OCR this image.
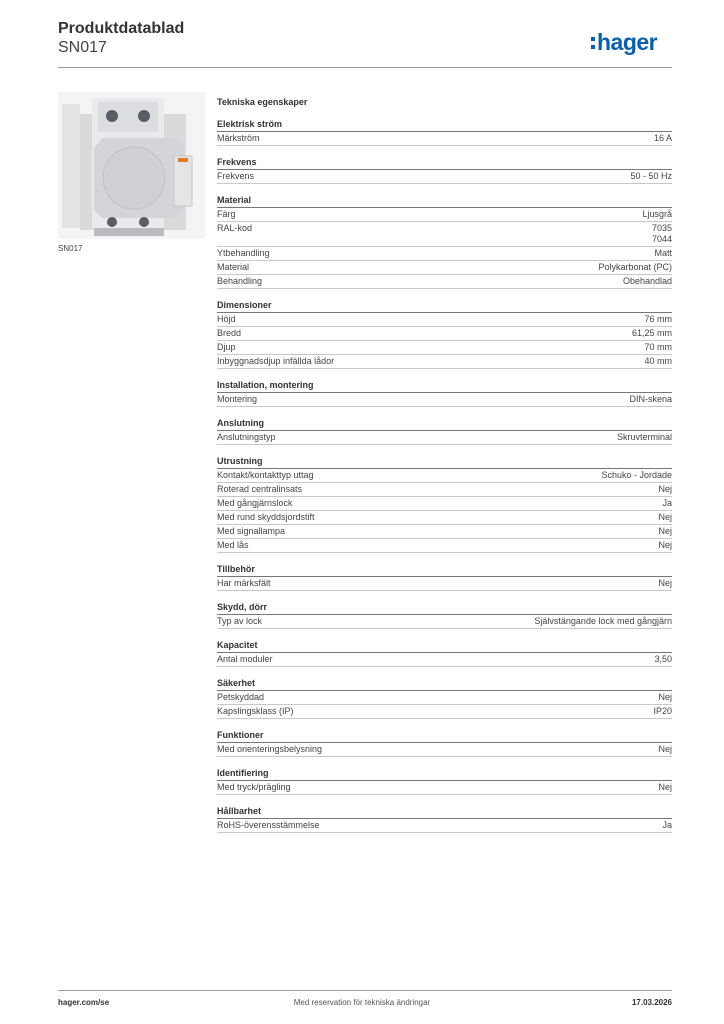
Produktdatablad
SN017	hager
SN017
Tekniska egenskaper
Elektrisk ström
Märkström	16 A
Frekvens
Frekvens	50 - 50 Hz
Material
Färg	Ljusgrå
RAL-kod	7035
7044
Ytbehandling	Matt
Material	Polykarbonat (PC)
Behandling	Obehandlad
Dimensioner
Höjd	76 mm
Bredd	61,25 mm
Djup	70 mm
Inbyggnadsdjup infällda lådor	40 mm
Installation, montering
Montering	DIN-skena
Anslutning
Anslutningstyp	Skruvterminal
Utrustning
Kontakt/kontakttyp uttag	Schuko - Jordade
Roterad centralinsats	Nej
Med gångjärnslock	Ja
Med rund skyddsjordstift	Nej
Med signallampa	Nej
Med lås	Nej
Tillbehör
Har märksfält	Nej
Skydd, dörr
Typ av lock	Självstängande lock med gångjärn
Kapacitet
Antal moduler	3,50
Säkerhet
Petskyddad	Nej
Kapslingsklass (IP)	IP20
Funktioner
Med orienteringsbelysning	Nej
Identifiering
Med tryck/prägling	Nej
Hållbarhet
RoHS-överensstämmelse	Ja
hager.com/se	Med reservation för tekniska ändringar	17.03.2026
